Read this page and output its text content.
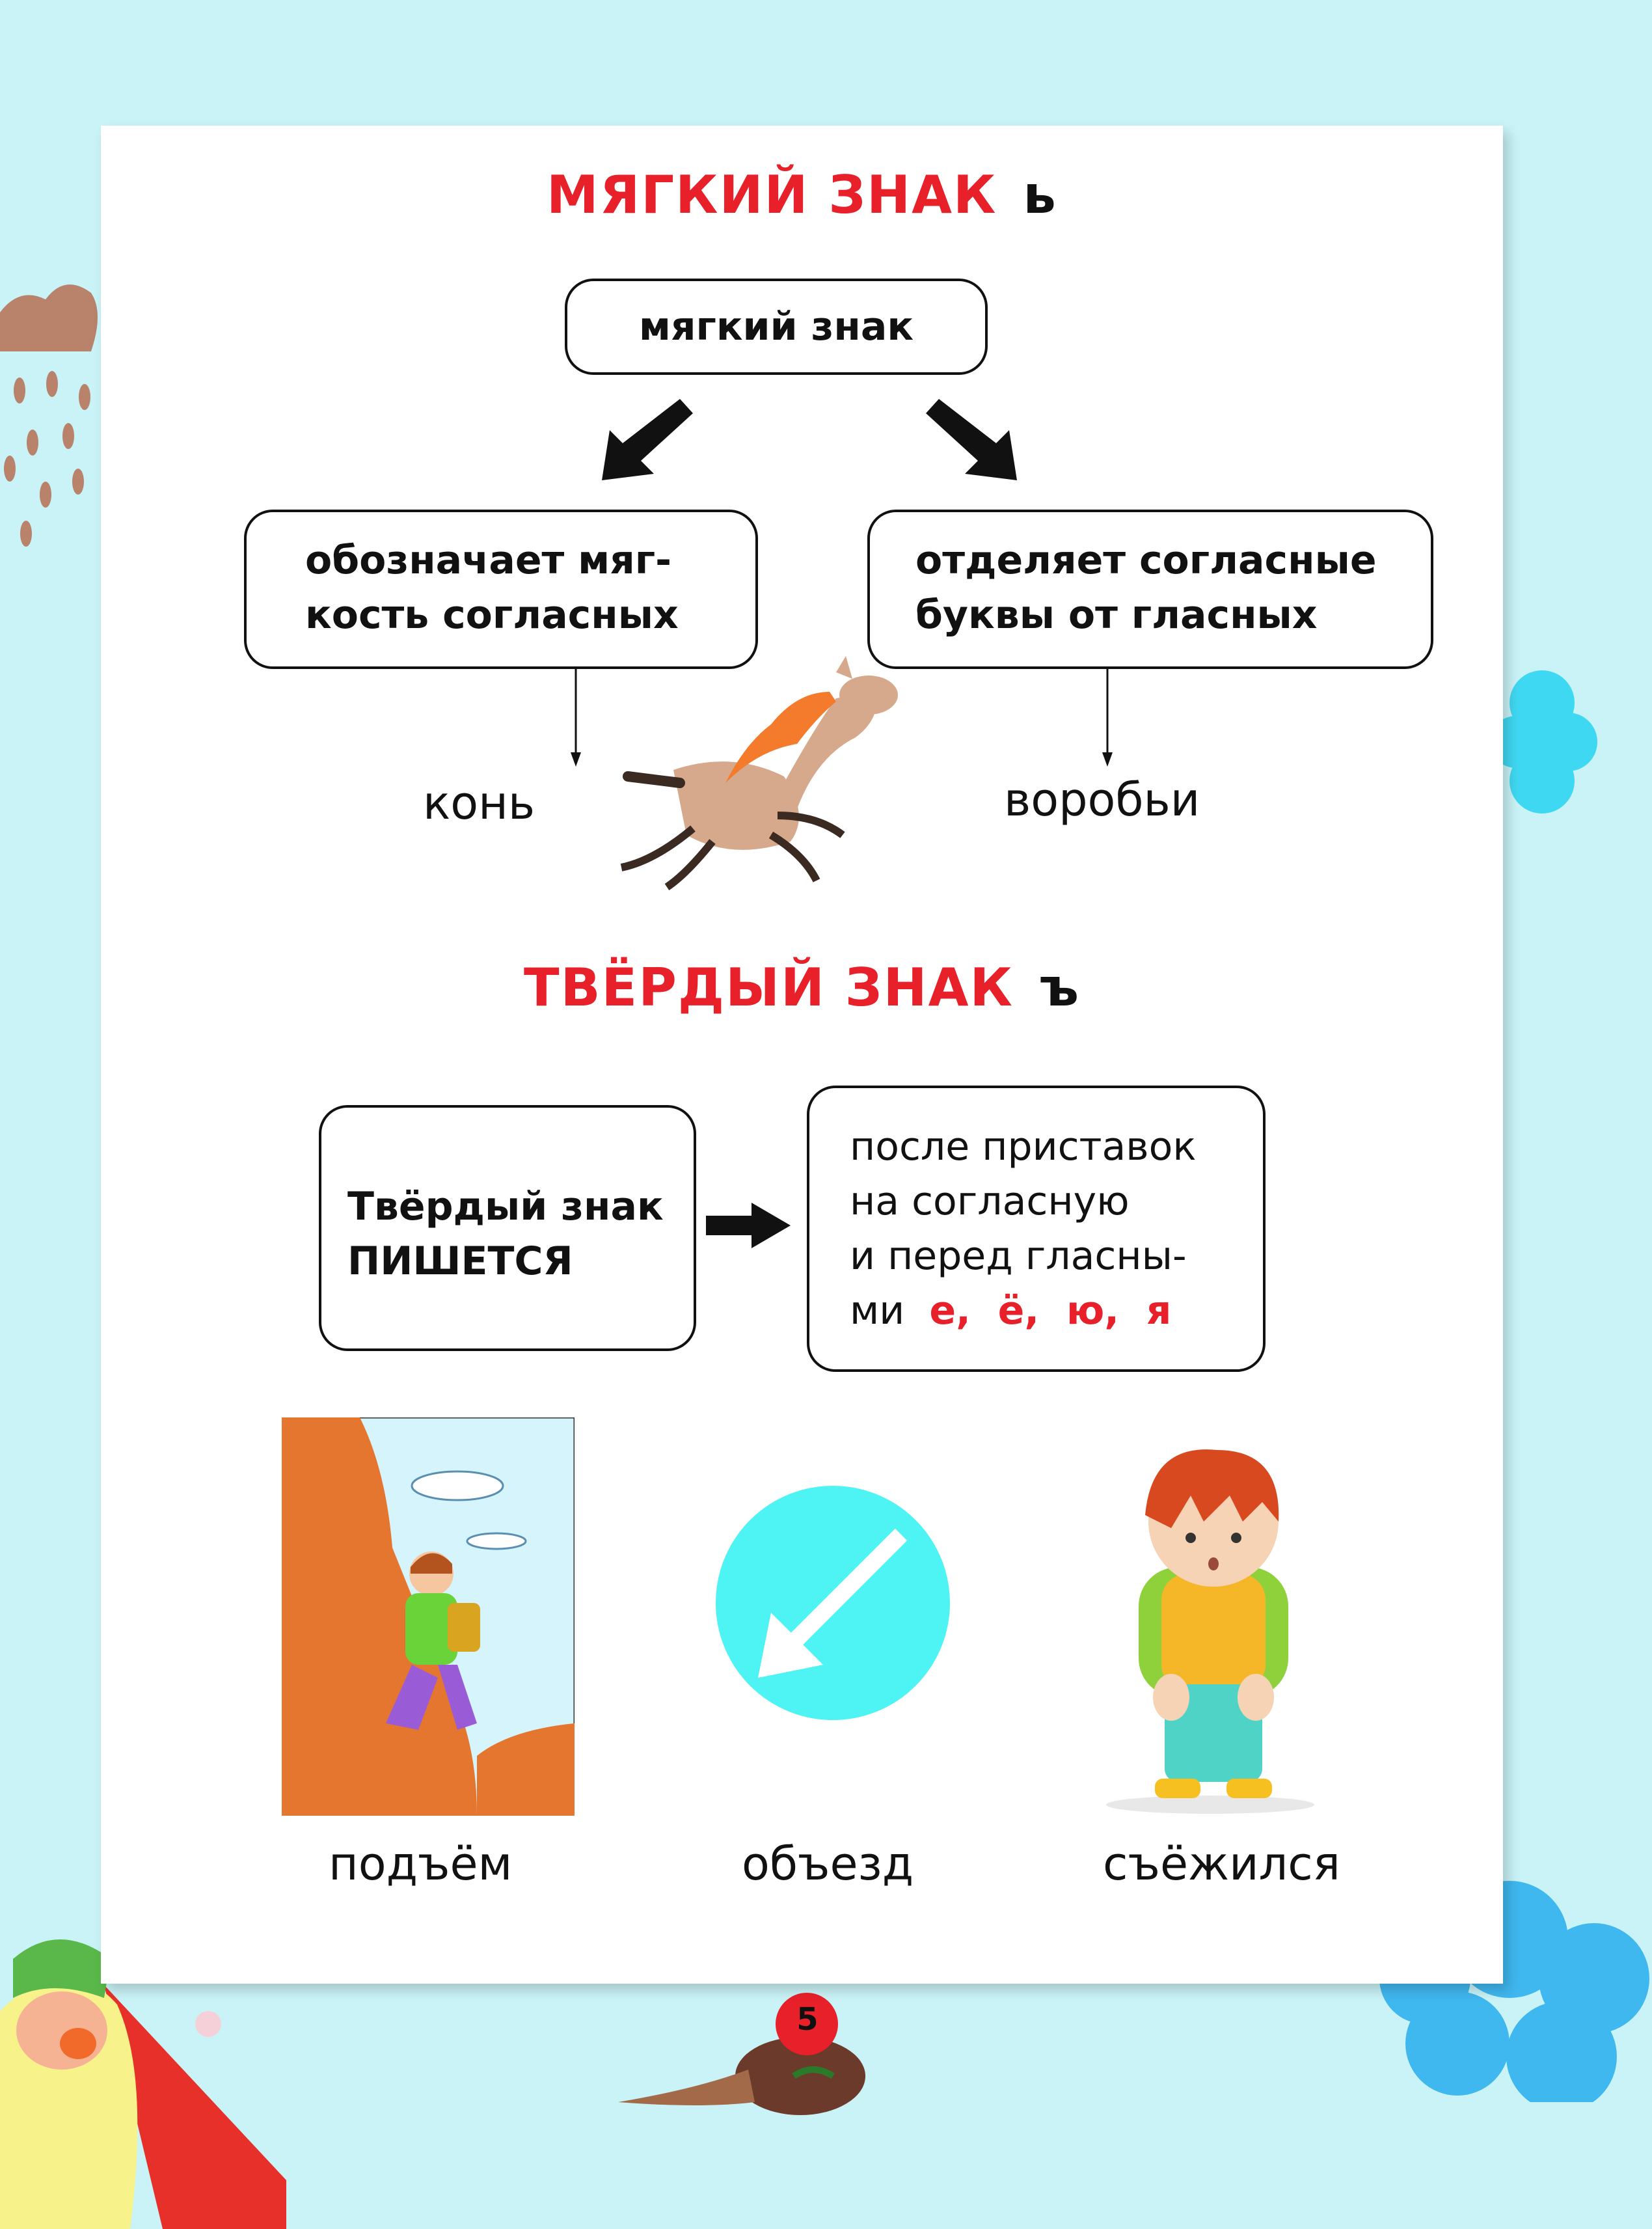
5
МЯГКИЙ ЗНАК ь
мягкий знак
обозначает мяг-
кость согласных
отделяет согласные
буквы от гласных
конь	воробьи
ТВЁРДЫЙ ЗНАК ъ
Твёрдый знак
ПИШЕТСЯ
после приставок
на согласную
и перед гласны-
ми е,  ё,  ю,  я
подъём	объезд	съёжился
